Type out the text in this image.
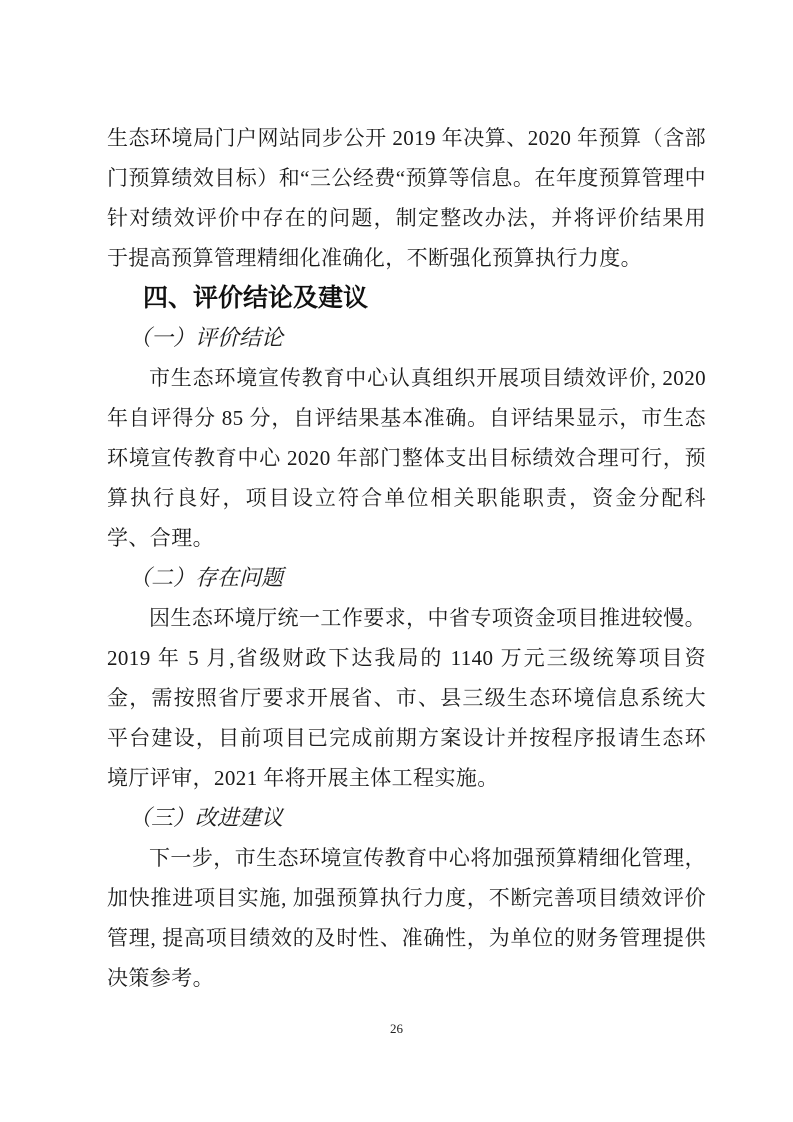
生态环境局门户网站同步公开 2019 年决算、2020 年预算（含部门预算绩效目标）和“三公经费“预算等信息。在年度预算管理中针对绩效评价中存在的问题，制定整改办法，并将评价结果用于提高预算管理精细化准确化，不断强化预算执行力度。

四、评价结论及建议
（一）评价结论

市生态环境宣传教育中心认真组织开展项目绩效评价, 2020 年自评得分 85 分，自评结果基本准确。自评结果显示，市生态环境宣传教育中心 2020 年部门整体支出目标绩效合理可行，预算执行良好，项目设立符合单位相关职能职责，资金分配科学、合理。

（二）存在问题

因生态环境厅统一工作要求，中省专项资金项目推进较慢。2019 年 5 月,省级财政下达我局的 1140 万元三级统筹项目资金，需按照省厅要求开展省、市、县三级生态环境信息系统大平台建设，目前项目已完成前期方案设计并按程序报请生态环境厅评审，2021 年将开展主体工程实施。

（三）改进建议

下一步，市生态环境宣传教育中心将加强预算精细化管理，加快推进项目实施, 加强预算执行力度，不断完善项目绩效评价管理, 提高项目绩效的及时性、准确性，为单位的财务管理提供决策参考。

26
